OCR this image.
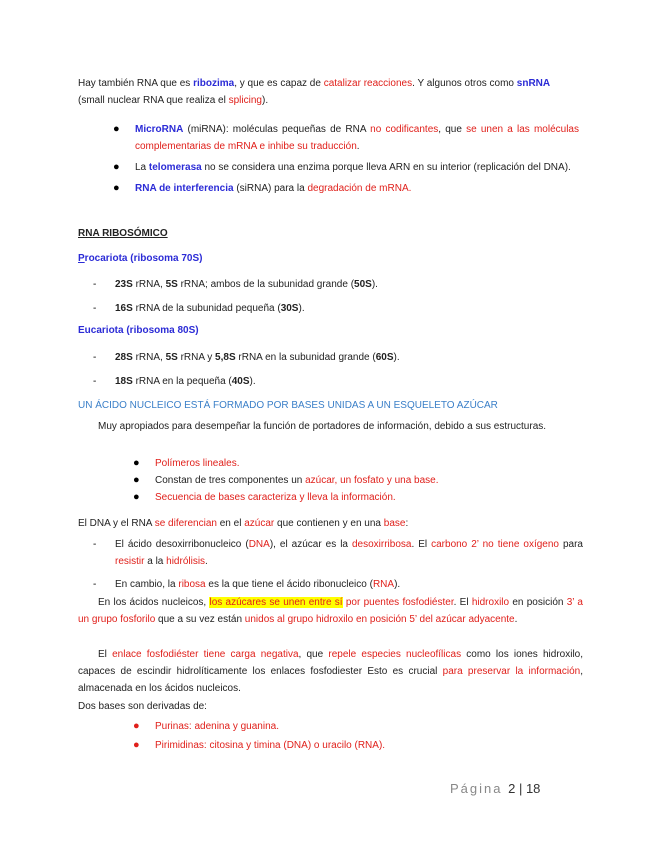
Hay también RNA que es ribozima, y que es capaz de catalizar reacciones. Y algunos otros como snRNA
(small nuclear RNA que realiza el splicing).
● MicroRNA (miRNA): moléculas pequeñas de RNA no codificantes, que se unen a las moléculas complementarias de mRNA e inhibe su traducción.
● La telomerasa no se considera una enzima porque lleva ARN en su interior (replicación del DNA).
● RNA de interferencia (siRNA) para la degradación de mRNA.
RNA RIBOSÓMICO
Procariota (ribosoma 70S)
- 23S rRNA, 5S rRNA; ambos de la subunidad grande (50S).
- 16S rRNA de la subunidad pequeña (30S).
Eucariota (ribosoma 80S)
- 28S rRNA, 5S rRNA y 5,8S rRNA en la subunidad grande (60S).
- 18S rRNA en la pequeña (40S).
UN ÁCIDO NUCLEICO ESTÁ FORMADO POR BASES UNIDAS A UN ESQUELETO AZÚCAR
Muy apropiados para desempeñar la función de portadores de información, debido a sus estructuras.
● Polímeros lineales.
● Constan de tres componentes un azúcar, un fosfato y una base.
● Secuencia de bases caracteriza y lleva la información.
El DNA y el RNA se diferencian en el azúcar que contienen y en una base:
- El ácido desoxirribonucleico (DNA), el azúcar es la desoxirribosa. El carbono 2’ no tiene oxígeno para resistir a la hidrólisis.
- En cambio, la ribosa es la que tiene el ácido ribonucleico (RNA).
En los ácidos nucleicos, los azúcares se unen entre sí por puentes fosfodiéster. El hidroxilo en posición 3’ a un grupo fosforilo que a su vez están unidos al grupo hidroxilo en posición 5’ del azúcar adyacente.
El enlace fosfodiéster tiene carga negativa, que repele especies nucleofílicas como los iones hidroxilo, capaces de escindir hidrolíticamente los enlaces fosfodiester Esto es crucial para preservar la información, almacenada en los ácidos nucleicos.
Dos bases son derivadas de:
● Purinas: adenina y guanina.
● Pirimidinas: citosina y timina (DNA) o uracilo (RNA).
Página 2 | 18
